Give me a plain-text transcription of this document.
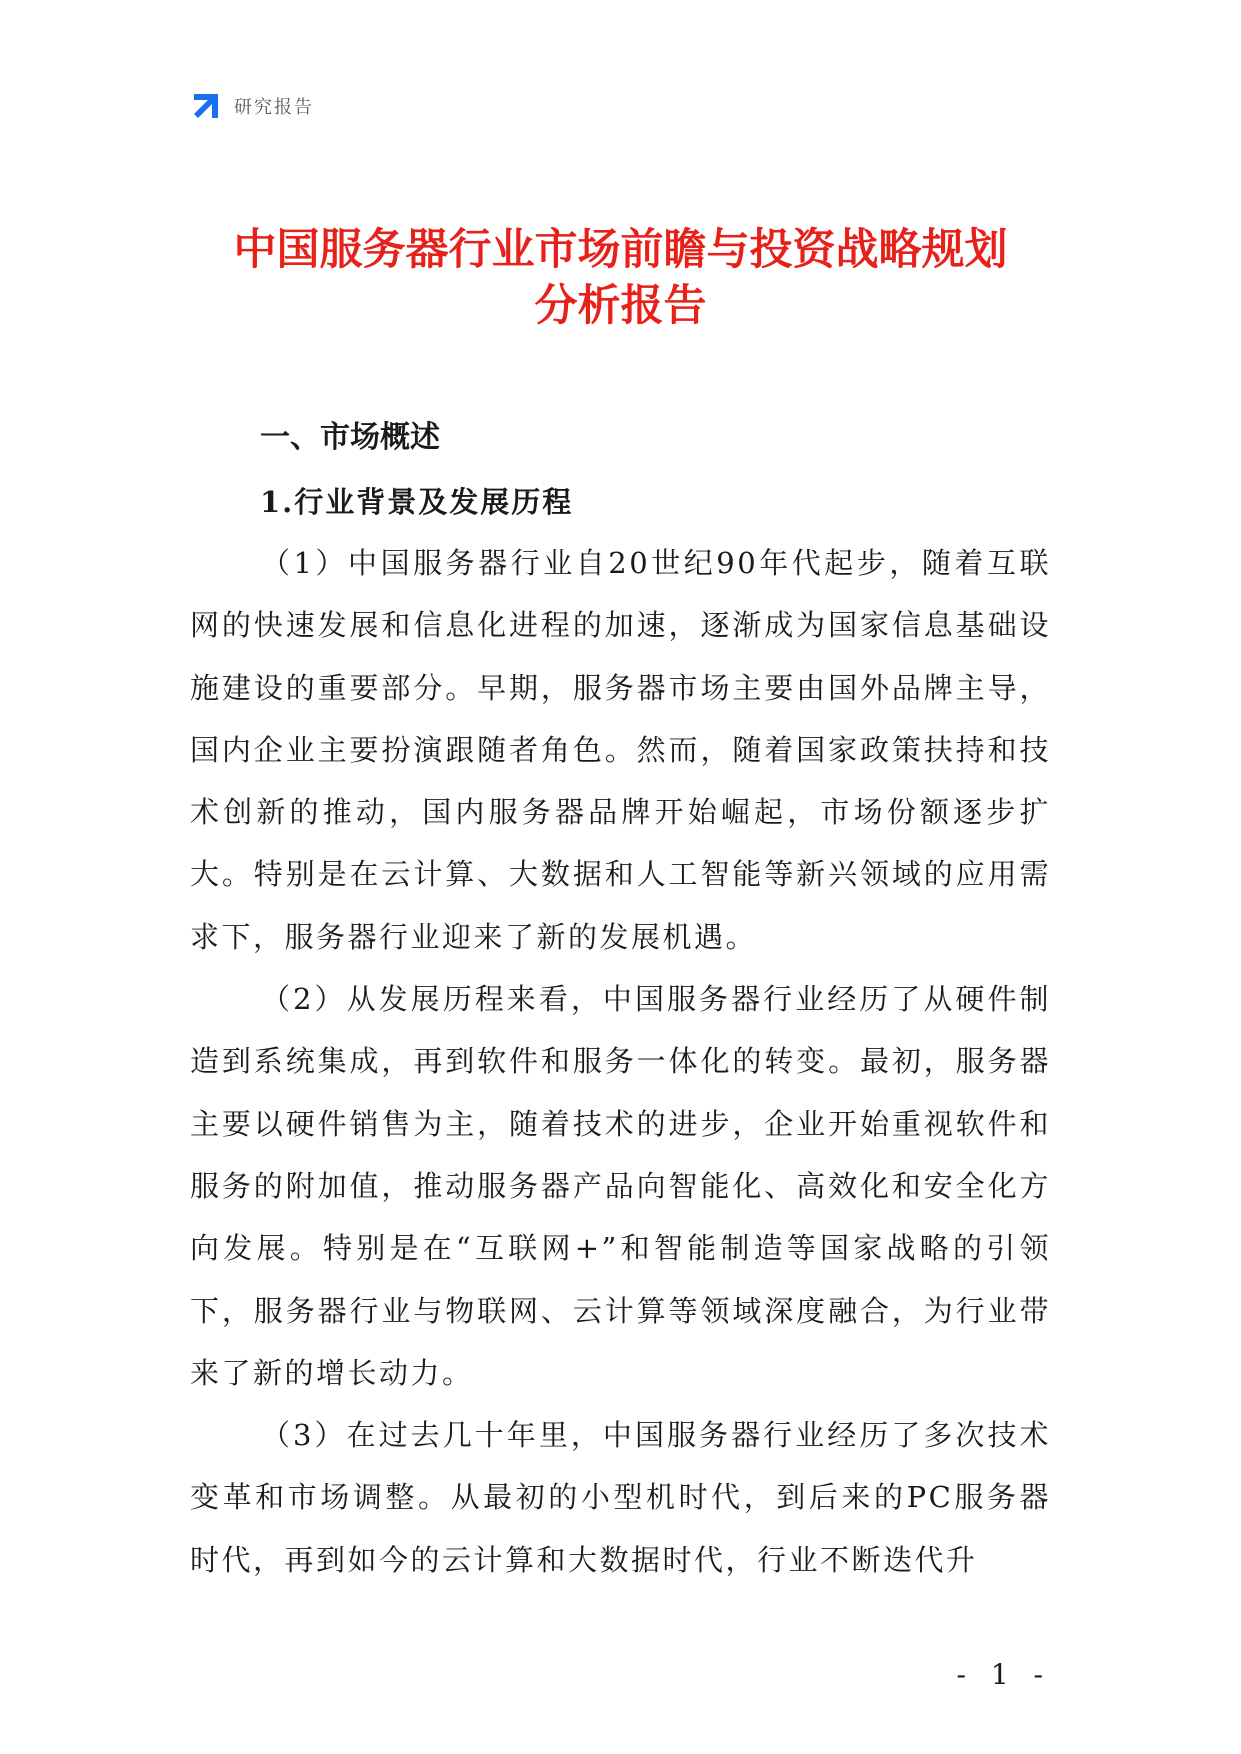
研究报告
中国服务器行业市场前瞻与投资战略规划
分析报告
一、市场概述
1.行业背景及发展历程

（1）中国服务器行业自20世纪90年代起步，随着互联网的快速发展和信息化进程的加速，逐渐成为国家信息基础设施建设的重要部分。早期，服务器市场主要由国外品牌主导，国内企业主要扮演跟随者角色。然而，随着国家政策扶持和技术创新的推动，国内服务器品牌开始崛起，市场份额逐步扩大。特别是在云计算、大数据和人工智能等新兴领域的应用需求下，服务器行业迎来了新的发展机遇。

（2）从发展历程来看，中国服务器行业经历了从硬件制造到系统集成，再到软件和服务一体化的转变。最初，服务器主要以硬件销售为主，随着技术的进步，企业开始重视软件和服务的附加值，推动服务器产品向智能化、高效化和安全化方向发展。特别是在“互联网+”和智能制造等国家战略的引领下，服务器行业与物联网、云计算等领域深度融合，为行业带来了新的增长动力。

（3）在过去几十年里，中国服务器行业经历了多次技术变革和市场调整。从最初的小型机时代，到后来的PC服务器时代，再到如今的云计算和大数据时代，行业不断迭代升

- 1 -
